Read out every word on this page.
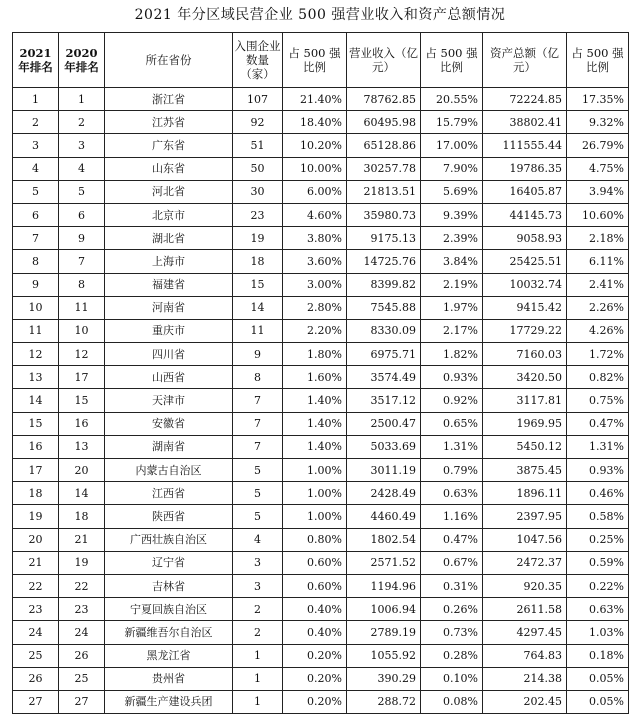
2021 年分区域民营企业 500 强营业收入和资产总额情况
2021 年排名	2020 年排名	所在省份	入围企业数量（家）	占 500 强比例	营业收入（亿元）	占 500 强比例	资产总额（亿元）	占 500 强比例
1	1	浙江省	107	21.40%	78762.85	20.55%	72224.85	17.35%
2	2	江苏省	92	18.40%	60495.98	15.79%	38802.41	9.32%
3	3	广东省	51	10.20%	65128.86	17.00%	111555.44	26.79%
4	4	山东省	50	10.00%	30257.78	7.90%	19786.35	4.75%
5	5	河北省	30	6.00%	21813.51	5.69%	16405.87	3.94%
6	6	北京市	23	4.60%	35980.73	9.39%	44145.73	10.60%
7	9	湖北省	19	3.80%	9175.13	2.39%	9058.93	2.18%
8	7	上海市	18	3.60%	14725.76	3.84%	25425.51	6.11%
9	8	福建省	15	3.00%	8399.82	2.19%	10032.74	2.41%
10	11	河南省	14	2.80%	7545.88	1.97%	9415.42	2.26%
11	10	重庆市	11	2.20%	8330.09	2.17%	17729.22	4.26%
12	12	四川省	9	1.80%	6975.71	1.82%	7160.03	1.72%
13	17	山西省	8	1.60%	3574.49	0.93%	3420.50	0.82%
14	15	天津市	7	1.40%	3517.12	0.92%	3117.81	0.75%
15	16	安徽省	7	1.40%	2500.47	0.65%	1969.95	0.47%
16	13	湖南省	7	1.40%	5033.69	1.31%	5450.12	1.31%
17	20	内蒙古自治区	5	1.00%	3011.19	0.79%	3875.45	0.93%
18	14	江西省	5	1.00%	2428.49	0.63%	1896.11	0.46%
19	18	陕西省	5	1.00%	4460.49	1.16%	2397.95	0.58%
20	21	广西壮族自治区	4	0.80%	1802.54	0.47%	1047.56	0.25%
21	19	辽宁省	3	0.60%	2571.52	0.67%	2472.37	0.59%
22	22	吉林省	3	0.60%	1194.96	0.31%	920.35	0.22%
23	23	宁夏回族自治区	2	0.40%	1006.94	0.26%	2611.58	0.63%
24	24	新疆维吾尔自治区	2	0.40%	2789.19	0.73%	4297.45	1.03%
25	26	黑龙江省	1	0.20%	1055.92	0.28%	764.83	0.18%
26	25	贵州省	1	0.20%	390.29	0.10%	214.38	0.05%
27	27	新疆生产建设兵团	1	0.20%	288.72	0.08%	202.45	0.05%
